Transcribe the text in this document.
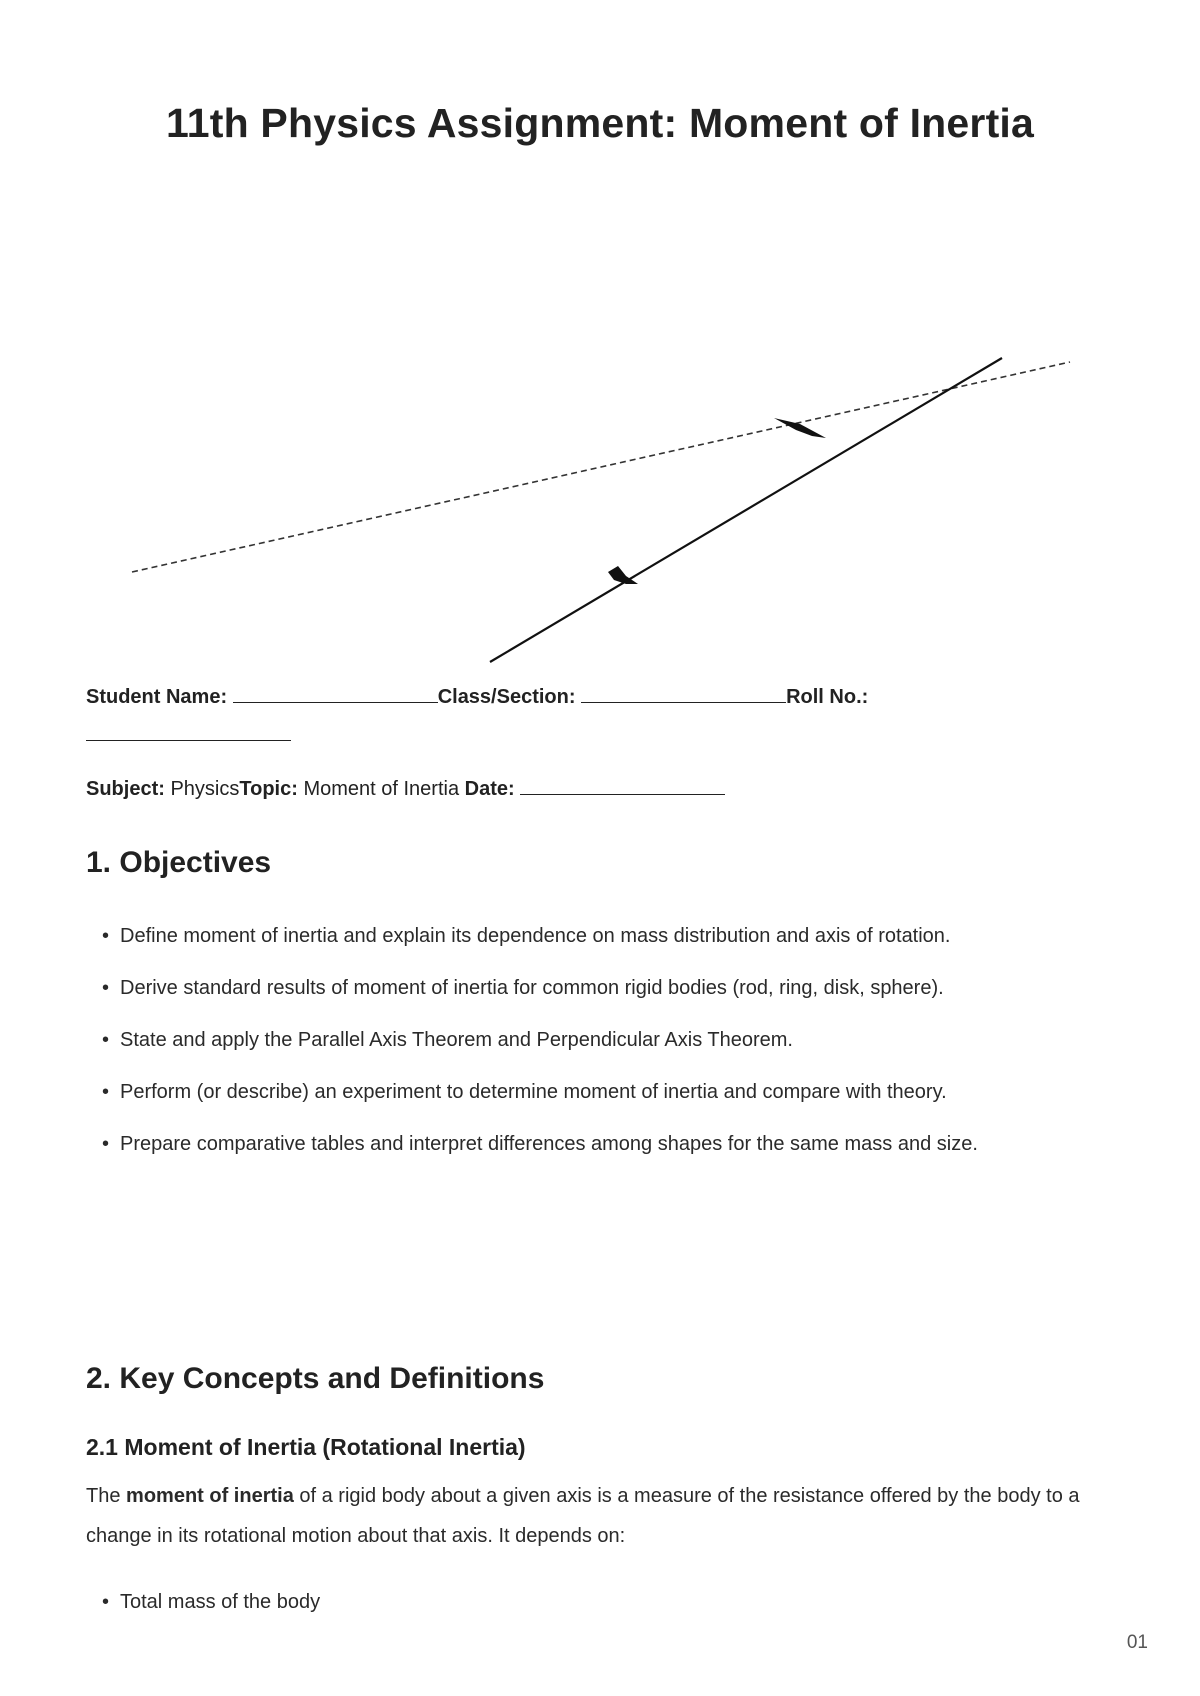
11th Physics Assignment: Moment of Inertia
Student Name:	Class/Section:	Roll No.:
Subject: PhysicsTopic: Moment of Inertia Date:
1. Objectives
• Define moment of inertia and explain its dependence on mass distribution and axis of rotation.
• Derive standard results of moment of inertia for common rigid bodies (rod, ring, disk, sphere).
• State and apply the Parallel Axis Theorem and Perpendicular Axis Theorem.
• Perform (or describe) an experiment to determine moment of inertia and compare with theory.
• Prepare comparative tables and interpret differences among shapes for the same mass and size.
2. Key Concepts and Definitions
2.1 Moment of Inertia (Rotational Inertia)

The moment of inertia of a rigid body about a given axis is a measure of the resistance offered by the body to a change in its rotational motion about that axis. It depends on:

• Total mass of the body
01
